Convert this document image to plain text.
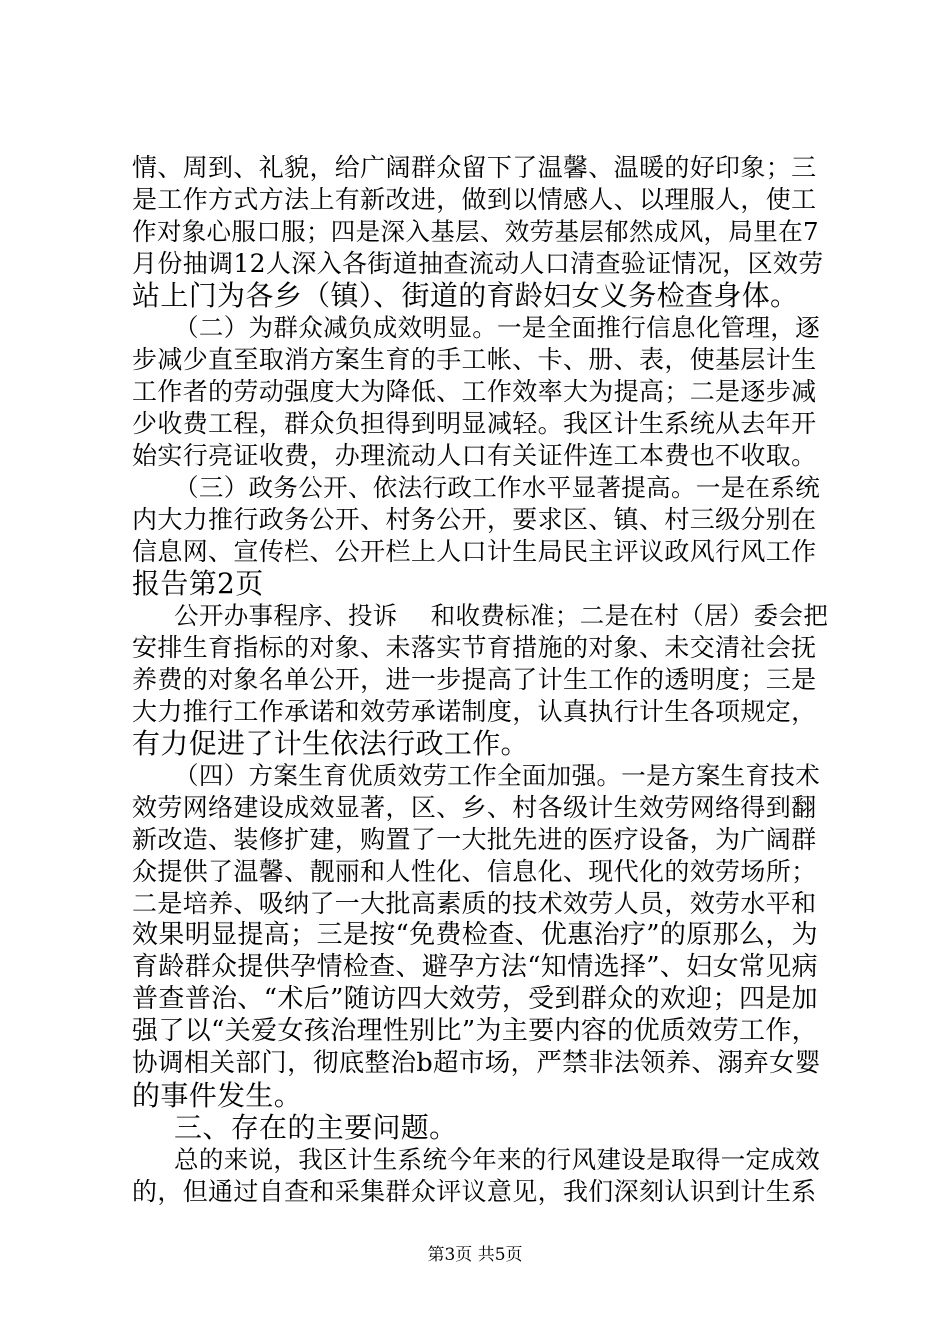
情、周到、礼貌，给广阔群众留下了温馨、温暖的好印象；三
是工作方式方法上有新改进，做到以情感人、以理服人，使工
作对象心服口服；四是深入基层、效劳基层郁然成风，局里在7
月份抽调12人深入各街道抽查流动人口清查验证情况，区效劳
站上门为各乡（镇）、街道的育龄妇女义务检查身体。
（二）为群众减负成效明显。一是全面推行信息化管理，逐
步减少直至取消方案生育的手工帐、卡、册、表，使基层计生
工作者的劳动强度大为降低、工作效率大为提高；二是逐步减
少收费工程，群众负担得到明显减轻。我区计生系统从去年开
始实行亮证收费，办理流动人口有关证件连工本费也不收取。
（三）政务公开、依法行政工作水平显著提高。一是在系统
内大力推行政务公开、村务公开，要求区、镇、村三级分别在
信息网、宣传栏、公开栏上人口计生局民主评议政风行风工作
报告第2页
公开办事程序、投诉　 和收费标准；二是在村（居）委会把
安排生育指标的对象、未落实节育措施的对象、未交清社会抚
养费的对象名单公开，进一步提高了计生工作的透明度；三是
大力推行工作承诺和效劳承诺制度，认真执行计生各项规定，
有力促进了计生依法行政工作。
（四）方案生育优质效劳工作全面加强。一是方案生育技术
效劳网络建设成效显著，区、乡、村各级计生效劳网络得到翻
新改造、装修扩建，购置了一大批先进的医疗设备，为广阔群
众提供了温馨、靓丽和人性化、信息化、现代化的效劳场所；
二是培养、吸纳了一大批高素质的技术效劳人员，效劳水平和
效果明显提高；三是按“免费检查、优惠治疗”的原那么，为
育龄群众提供孕情检查、避孕方法“知情选择”、妇女常见病
普查普治、“术后”随访四大效劳，受到群众的欢迎；四是加
强了以“关爱女孩治理性别比”为主要内容的优质效劳工作，
协调相关部门，彻底整治b超市场，严禁非法领养、溺弃女婴
的事件发生。
三、存在的主要问题。
总的来说，我区计生系统今年来的行风建设是取得一定成效
的，但通过自查和采集群众评议意见，我们深刻认识到计生系
第3页 共5页
